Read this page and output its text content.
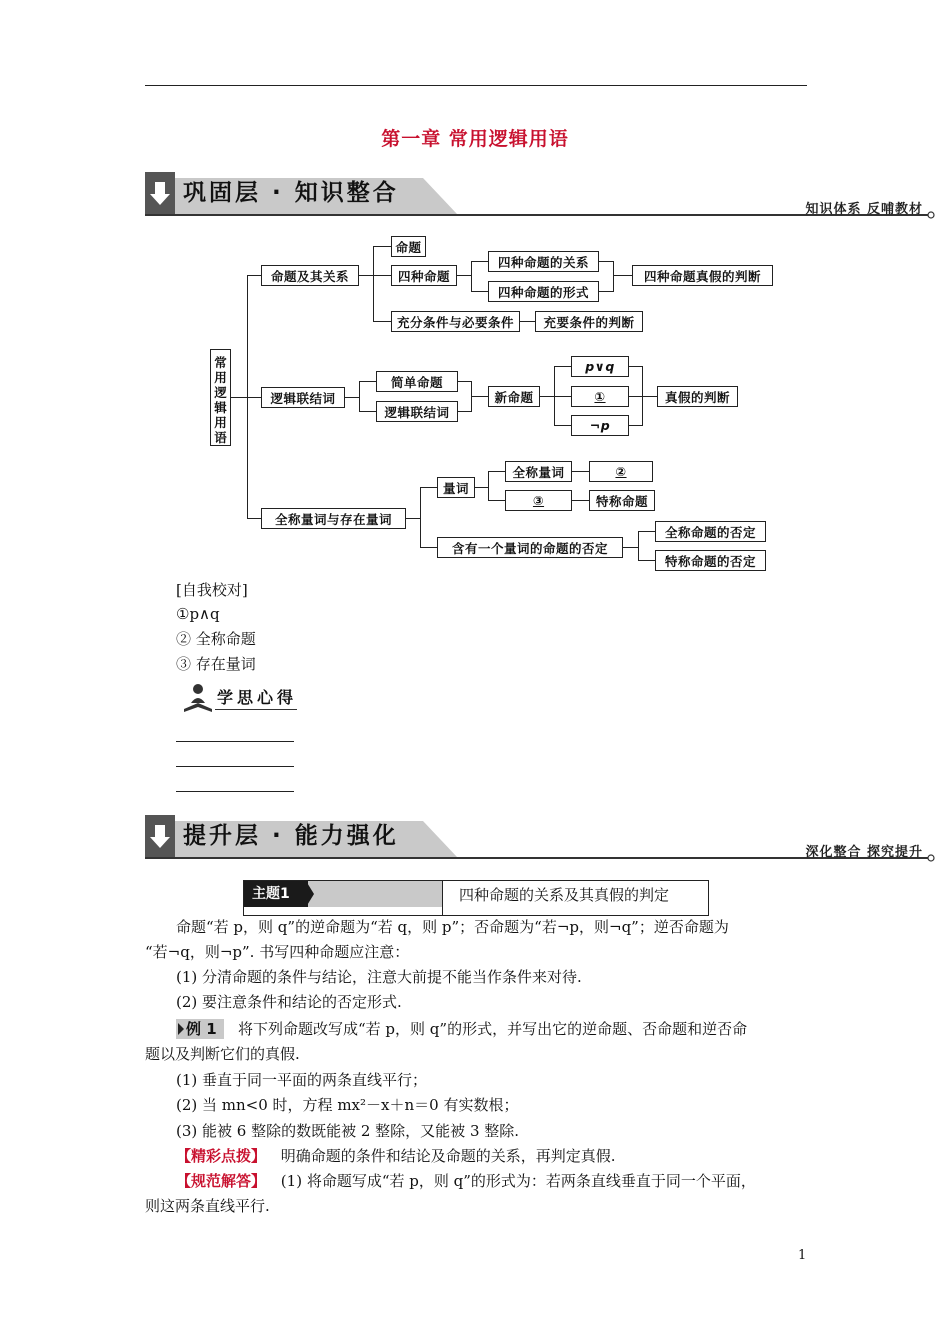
第一章 常用逻辑用语
巩固层 · 知识整合
知识体系 反哺教材
常用逻辑用语
命题及其关系
命题
四种命题
四种命题的关系
四种命题的形式
四种命题真假的判断
充分条件与必要条件	充要条件的判断
逻辑联结词
简单命题
逻辑联结词
新命题
p∨q
①
¬p
真假的判断
全称量词与存在量词
量词
全称量词	②
③	特称命题
含有一个量词的命题的否定
全称命题的否定
特称命题的否定
[自我校对]
①p∧q
② 全称命题
③ 存在量词
学思心得
提升层 · 能力强化
深化整合 探究提升
主题1	四种命题的关系及其真假的判定
命题“若 p，则 q”的逆命题为“若 q，则 p”；否命题为“若¬p，则¬q”；逆否命题为
“若¬q，则¬p”. 书写四种命题应注意：
(1) 分清命题的条件与结论，注意大前提不能当作条件来对待.
(2) 要注意条件和结论的否定形式.
例 1 将下列命题改写成“若 p，则 q”的形式，并写出它的逆命题、否命题和逆否命
题以及判断它们的真假.
(1) 垂直于同一平面的两条直线平行；
(2) 当 mn<0 时，方程 mx²－x＋n＝0 有实数根；
(3) 能被 6 整除的数既能被 2 整除，又能被 3 整除.
【精彩点拨】 明确命题的条件和结论及命题的关系，再判定真假.
【规范解答】 (1) 将命题写成“若 p，则 q”的形式为：若两条直线垂直于同一个平面，
则这两条直线平行.
1
